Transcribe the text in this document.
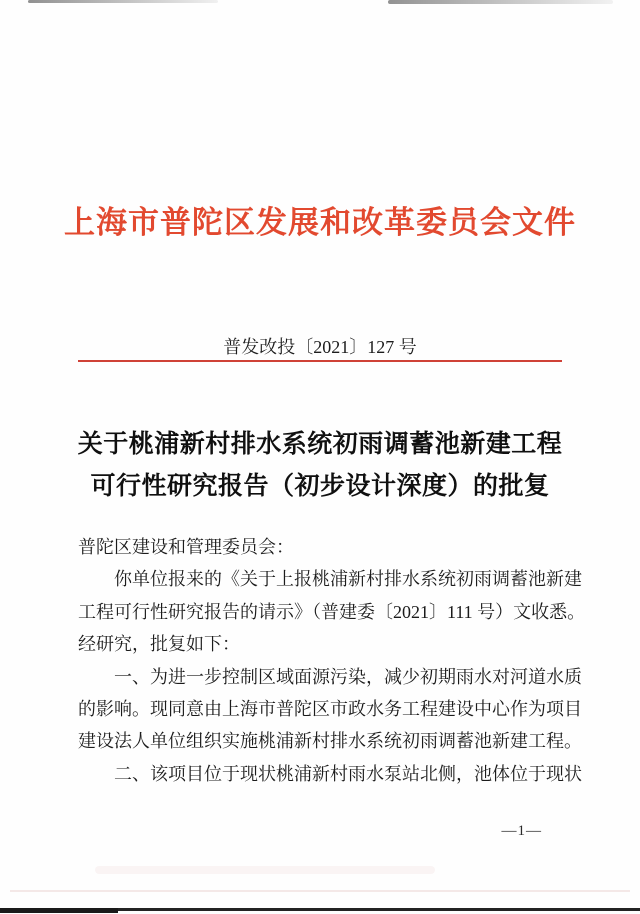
上海市普陀区发展和改革委员会文件
普发改投〔2021〕127 号
关于桃浦新村排水系统初雨调蓄池新建工程
可行性研究报告（初步设计深度）的批复
普陀区建设和管理委员会：
你单位报来的《关于上报桃浦新村排水系统初雨调蓄池新建
工程可行性研究报告的请示》（普建委〔2021〕111 号）文收悉。
经研究，批复如下：
一、为进一步控制区域面源污染，减少初期雨水对河道水质
的影响。现同意由上海市普陀区市政水务工程建设中心作为项目
建设法人单位组织实施桃浦新村排水系统初雨调蓄池新建工程。
二、该项目位于现状桃浦新村雨水泵站北侧，池体位于现状
—1—
